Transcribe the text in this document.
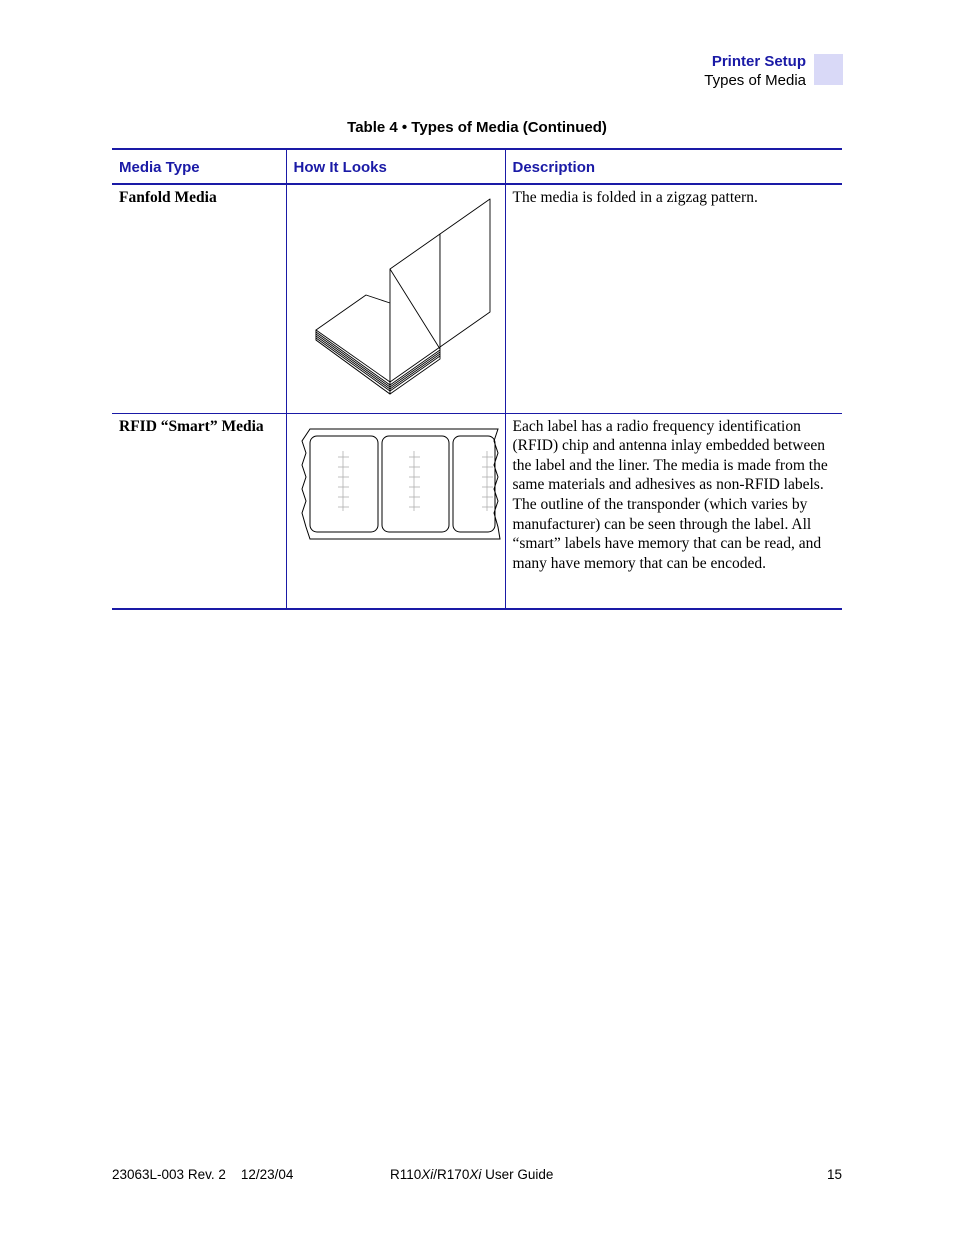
Printer Setup
Types of Media
Table 4 • Types of Media (Continued)
Media Type	How It Looks	Description
Fanfold Media		The media is folded in a zigzag pattern.
RFID “Smart” Media		Each label has a radio frequency identification (RFID) chip and antenna inlay embedded between the label and the liner. The media is made from the same materials and adhesives as non-RFID labels. The outline of the transponder (which varies by manufacturer) can be seen through the label. All “smart” labels have memory that can be read, and many have memory that can be encoded.
23063L-003 Rev. 2    12/23/04	R110Xi/R170Xi User Guide	15
